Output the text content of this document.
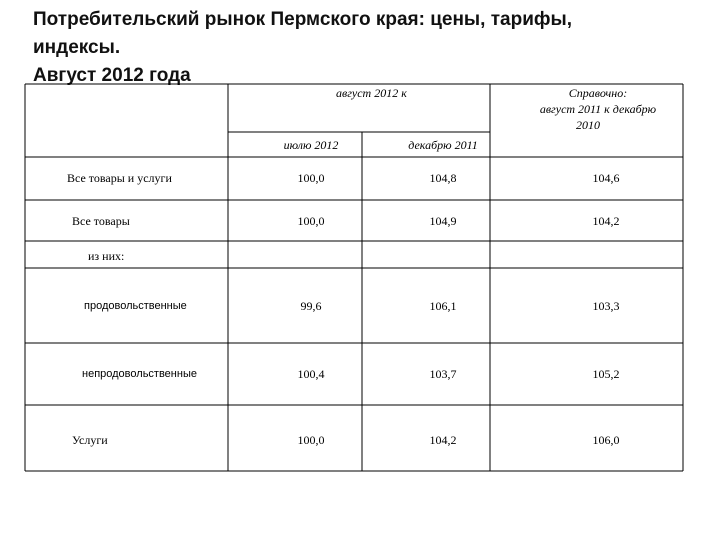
Потребительский рынок Пермского края: цены, тарифы,
индексы.
Август 2012 года
август 2012 к
июлю 2012	декабрю 2011
Справочно:
август 2011 к декабрю
2010
Все товары и услуги	100,0	104,8	104,6
Все товары	100,0	104,9	104,2
из них:
продовольственные	99,6	106,1	103,3
непродовольственные	100,4	103,7	105,2
Услуги	100,0	104,2	106,0
